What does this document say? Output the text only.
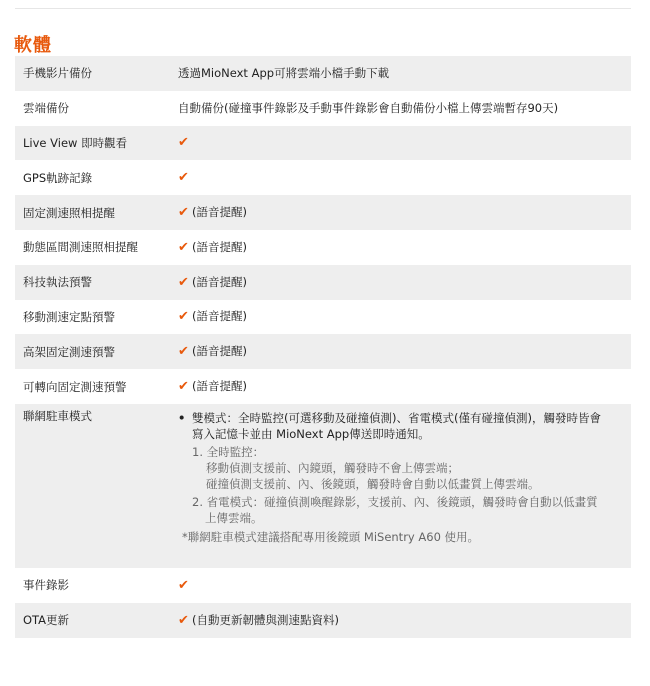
軟體
手機影片備份	透過MioNext App可將雲端小檔手動下載
雲端備份	自動備份(碰撞事件錄影及手動事件錄影會自動備份小檔上傳雲端暫存90天)
Live View 即時觀看	✔
GPS軌跡記錄	✔
固定測速照相提醒	✔ (語音提醒)
動態區間測速照相提醒	✔ (語音提醒)
科技執法預警	✔ (語音提醒)
移動測速定點預警	✔ (語音提醒)
高架固定測速預警	✔ (語音提醒)
可轉向固定測速預警	✔ (語音提醒)
聯網駐車模式	• 雙模式：全時監控(可選移動及碰撞偵測)、省電模式(僅有碰撞偵測)，觸發時皆會
寫入記憶卡並由 MioNext App傳送即時通知。
1. 全時監控：
移動偵測支援前、內鏡頭，觸發時不會上傳雲端；
碰撞偵測支援前、內、後鏡頭，觸發時會自動以低畫質上傳雲端。
2. 省電模式：碰撞偵測喚醒錄影，支援前、內、後鏡頭，觸發時會自動以低畫質
上傳雲端。
*聯網駐車模式建議搭配專用後鏡頭 MiSentry A60 使用。
事件錄影	✔
OTA更新	✔ (自動更新韌體與測速點資料)
